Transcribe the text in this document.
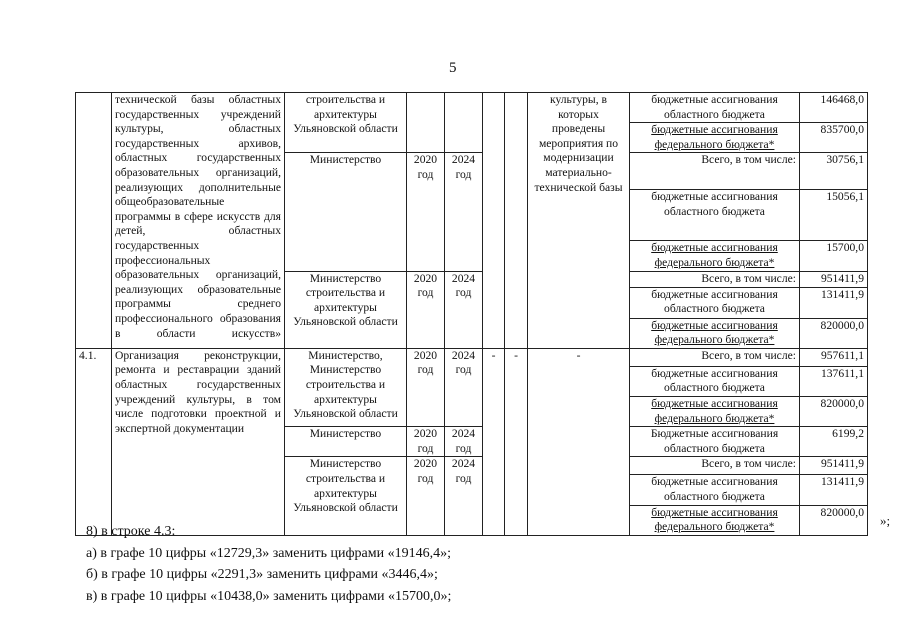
5
	технической базы областных государственных учреждений культуры, областных государственных архивов, областных государственных образовательных организаций, реализующих дополнительные общеобразовательные программы в сфере искусств для детей, областных государственных профессиональных образовательных организаций, реализующих образовательные программы среднего профессионального образования в области искусств»	строительства и архитектуры Ульяновской области					культуры, в которых проведены мероприятия по модернизации материально-технической базы	бюджетные ассигнования областного бюджета	146468,0
								бюджетные ассигнования федерального бюджета*	835700,0
		Министерство	2020 год	2024 год				Всего, в том числе:	30756,1
								бюджетные ассигнования областного бюджета	15056,1
								бюджетные ассигнования федерального бюджета*	15700,0
		Министерство строительства и архитектуры Ульяновской области	2020 год	2024 год				Всего, в том числе:	951411,9
								бюджетные ассигнования областного бюджета	131411,9
								бюджетные ассигнования федерального бюджета*	820000,0
4.1.	Организация реконструкции, ремонта и реставрации зданий областных государственных учреждений культуры, в том числе подготовки проектной и экспертной документации	Министерство, Министерство строительства и архитектуры Ульяновской области	2020 год	2024 год	-	-	-	Всего, в том числе:	957611,1
								бюджетные ассигнования областного бюджета	137611,1
								бюджетные ассигнования федерального бюджета*	820000,0
		Министерство	2020 год	2024 год				Бюджетные ассигнования областного бюджета	6199,2
		Министерство строительства и архитектуры Ульяновской области	2020 год	2024 год				Всего, в том числе:	951411,9
								бюджетные ассигнования областного бюджета	131411,9
								бюджетные ассигнования федерального бюджета*	820000,0
»;
8) в строке 4.3:
а) в графе 10 цифры «12729,3» заменить цифрами «19146,4»;
б) в графе 10 цифры «2291,3» заменить цифрами «3446,4»;
в) в графе 10 цифры «10438,0» заменить цифрами «15700,0»;
